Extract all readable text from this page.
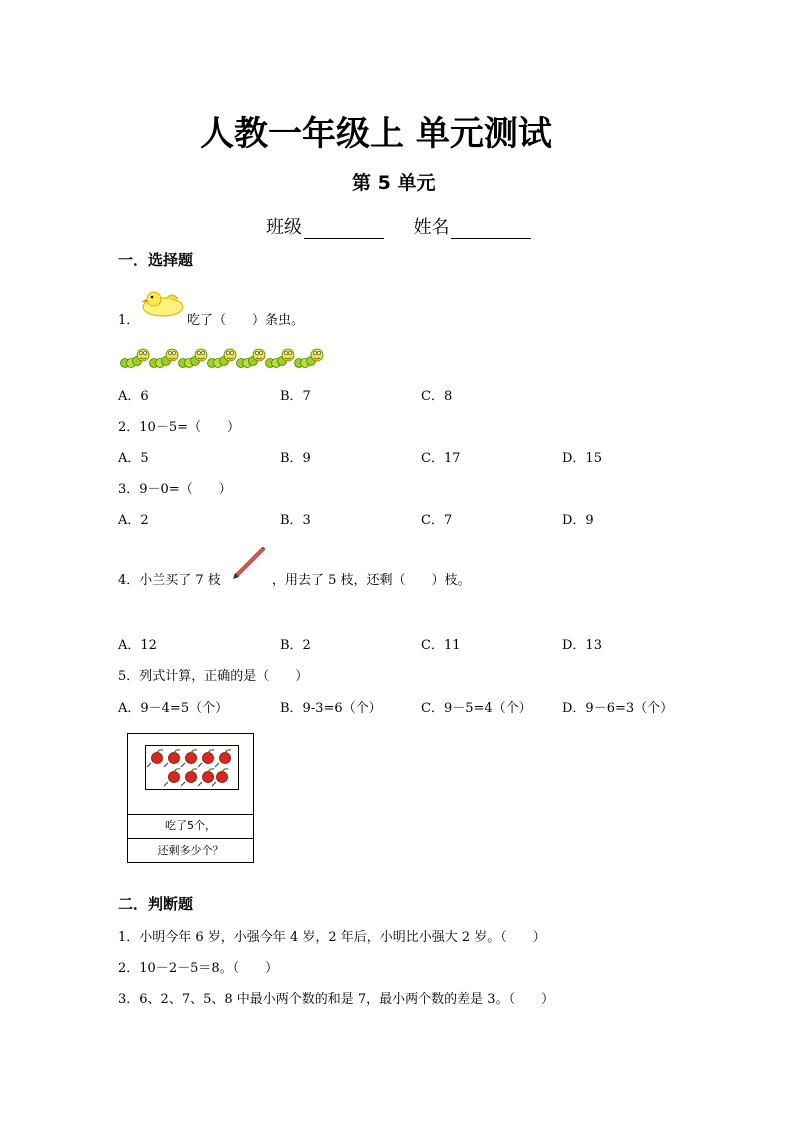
人教一年级上 单元测试
第 5 单元
班级	姓名
一．选择题
1．	吃了（　　）条虫。
A．6	B．7	C．8
2．10－5=（　　）
A．5	B．9	C．17	D．15
3．9－0=（　　）
A．2	B．3	C．7	D．9
4．小兰买了 7 枝	，用去了 5 枝，还剩（　　）枝。
A．12	B．2	C．11	D．13
5．列式计算，正确的是（　　）
A．9－4=5（个）	B．9-3=6（个）	C．9－5=4（个） D．9－6=3（个）
吃了5个，
还剩多少个？
二．判断题
1．小明今年 6 岁，小强今年 4 岁，2 年后，小明比小强大 2 岁。（　　）
2．10－2－5＝8。（　　）
3．6、2、7、5、8 中最小两个数的和是 7，最小两个数的差是 3。（　　）
